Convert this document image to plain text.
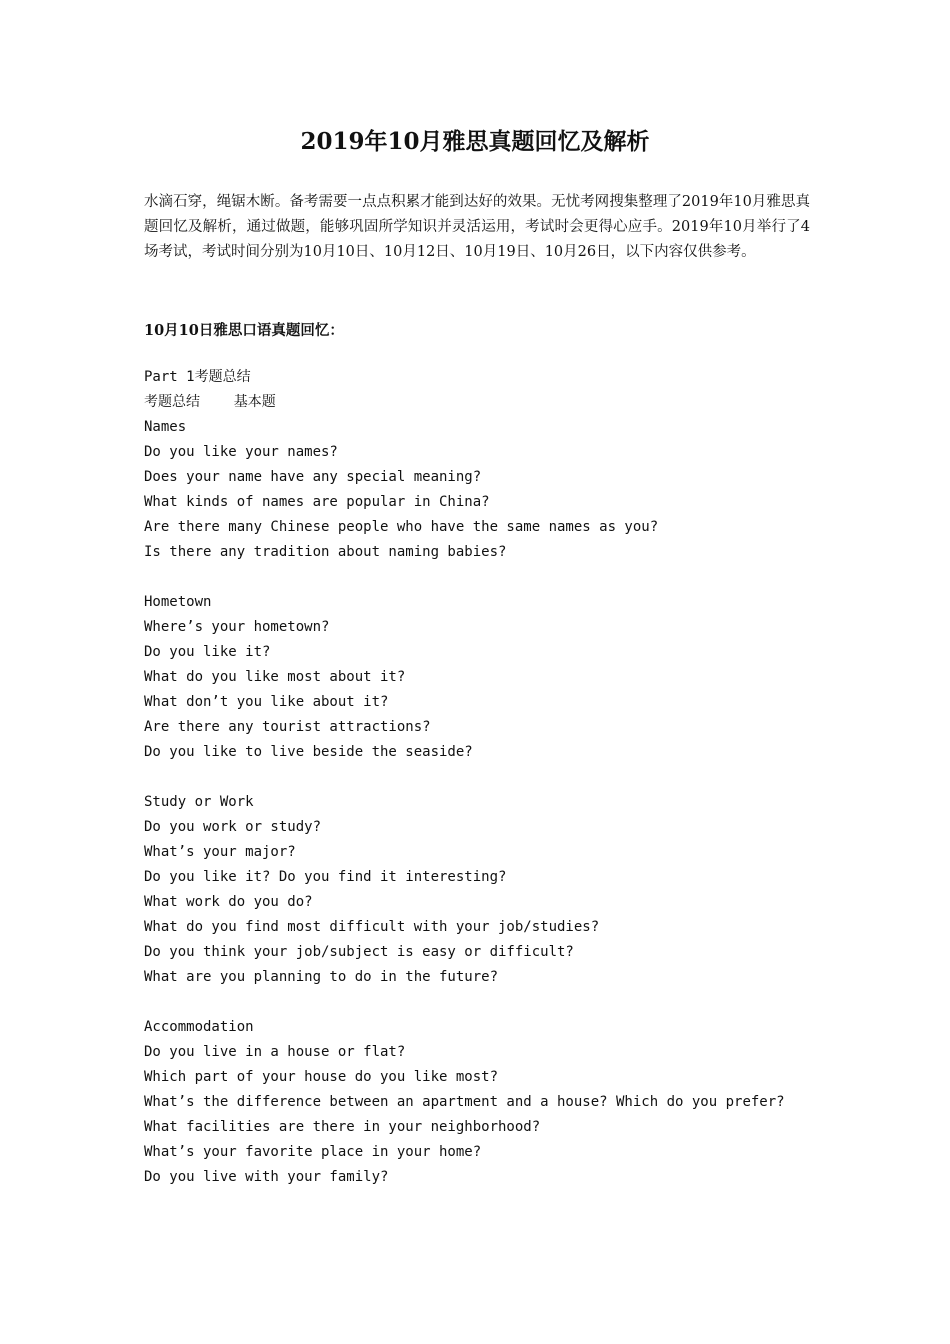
2019年10月雅思真题回忆及解析

水滴石穿，绳锯木断。备考需要一点点积累才能到达好的效果。无忧考网搜集整理了2019年10月雅思真题回忆及解析，通过做题，能够巩固所学知识并灵活运用，考试时会更得心应手。2019年10月举行了4场考试，考试时间分别为10月10日、10月12日、10月19日、10月26日，以下内容仅供参考。

10月10日雅思口语真题回忆：

Part 1考题总结
考题总结    基本题
Names
Do you like your names?
Does your name have any special meaning?
What kinds of names are popular in China?
Are there many Chinese people who have the same names as you?
Is there any tradition about naming babies?
Hometown
Where’s your hometown?
Do you like it?
What do you like most about it?
What don’t you like about it?
Are there any tourist attractions?
Do you like to live beside the seaside?
Study or Work
Do you work or study?
What’s your major?
Do you like it? Do you find it interesting?
What work do you do?
What do you find most difficult with your job/studies?
Do you think your job/subject is easy or difficult?
What are you planning to do in the future?
Accommodation
Do you live in a house or flat?
Which part of your house do you like most?
What’s the difference between an apartment and a house? Which do you prefer?
What facilities are there in your neighborhood?
What’s your favorite place in your home?
Do you live with your family?
